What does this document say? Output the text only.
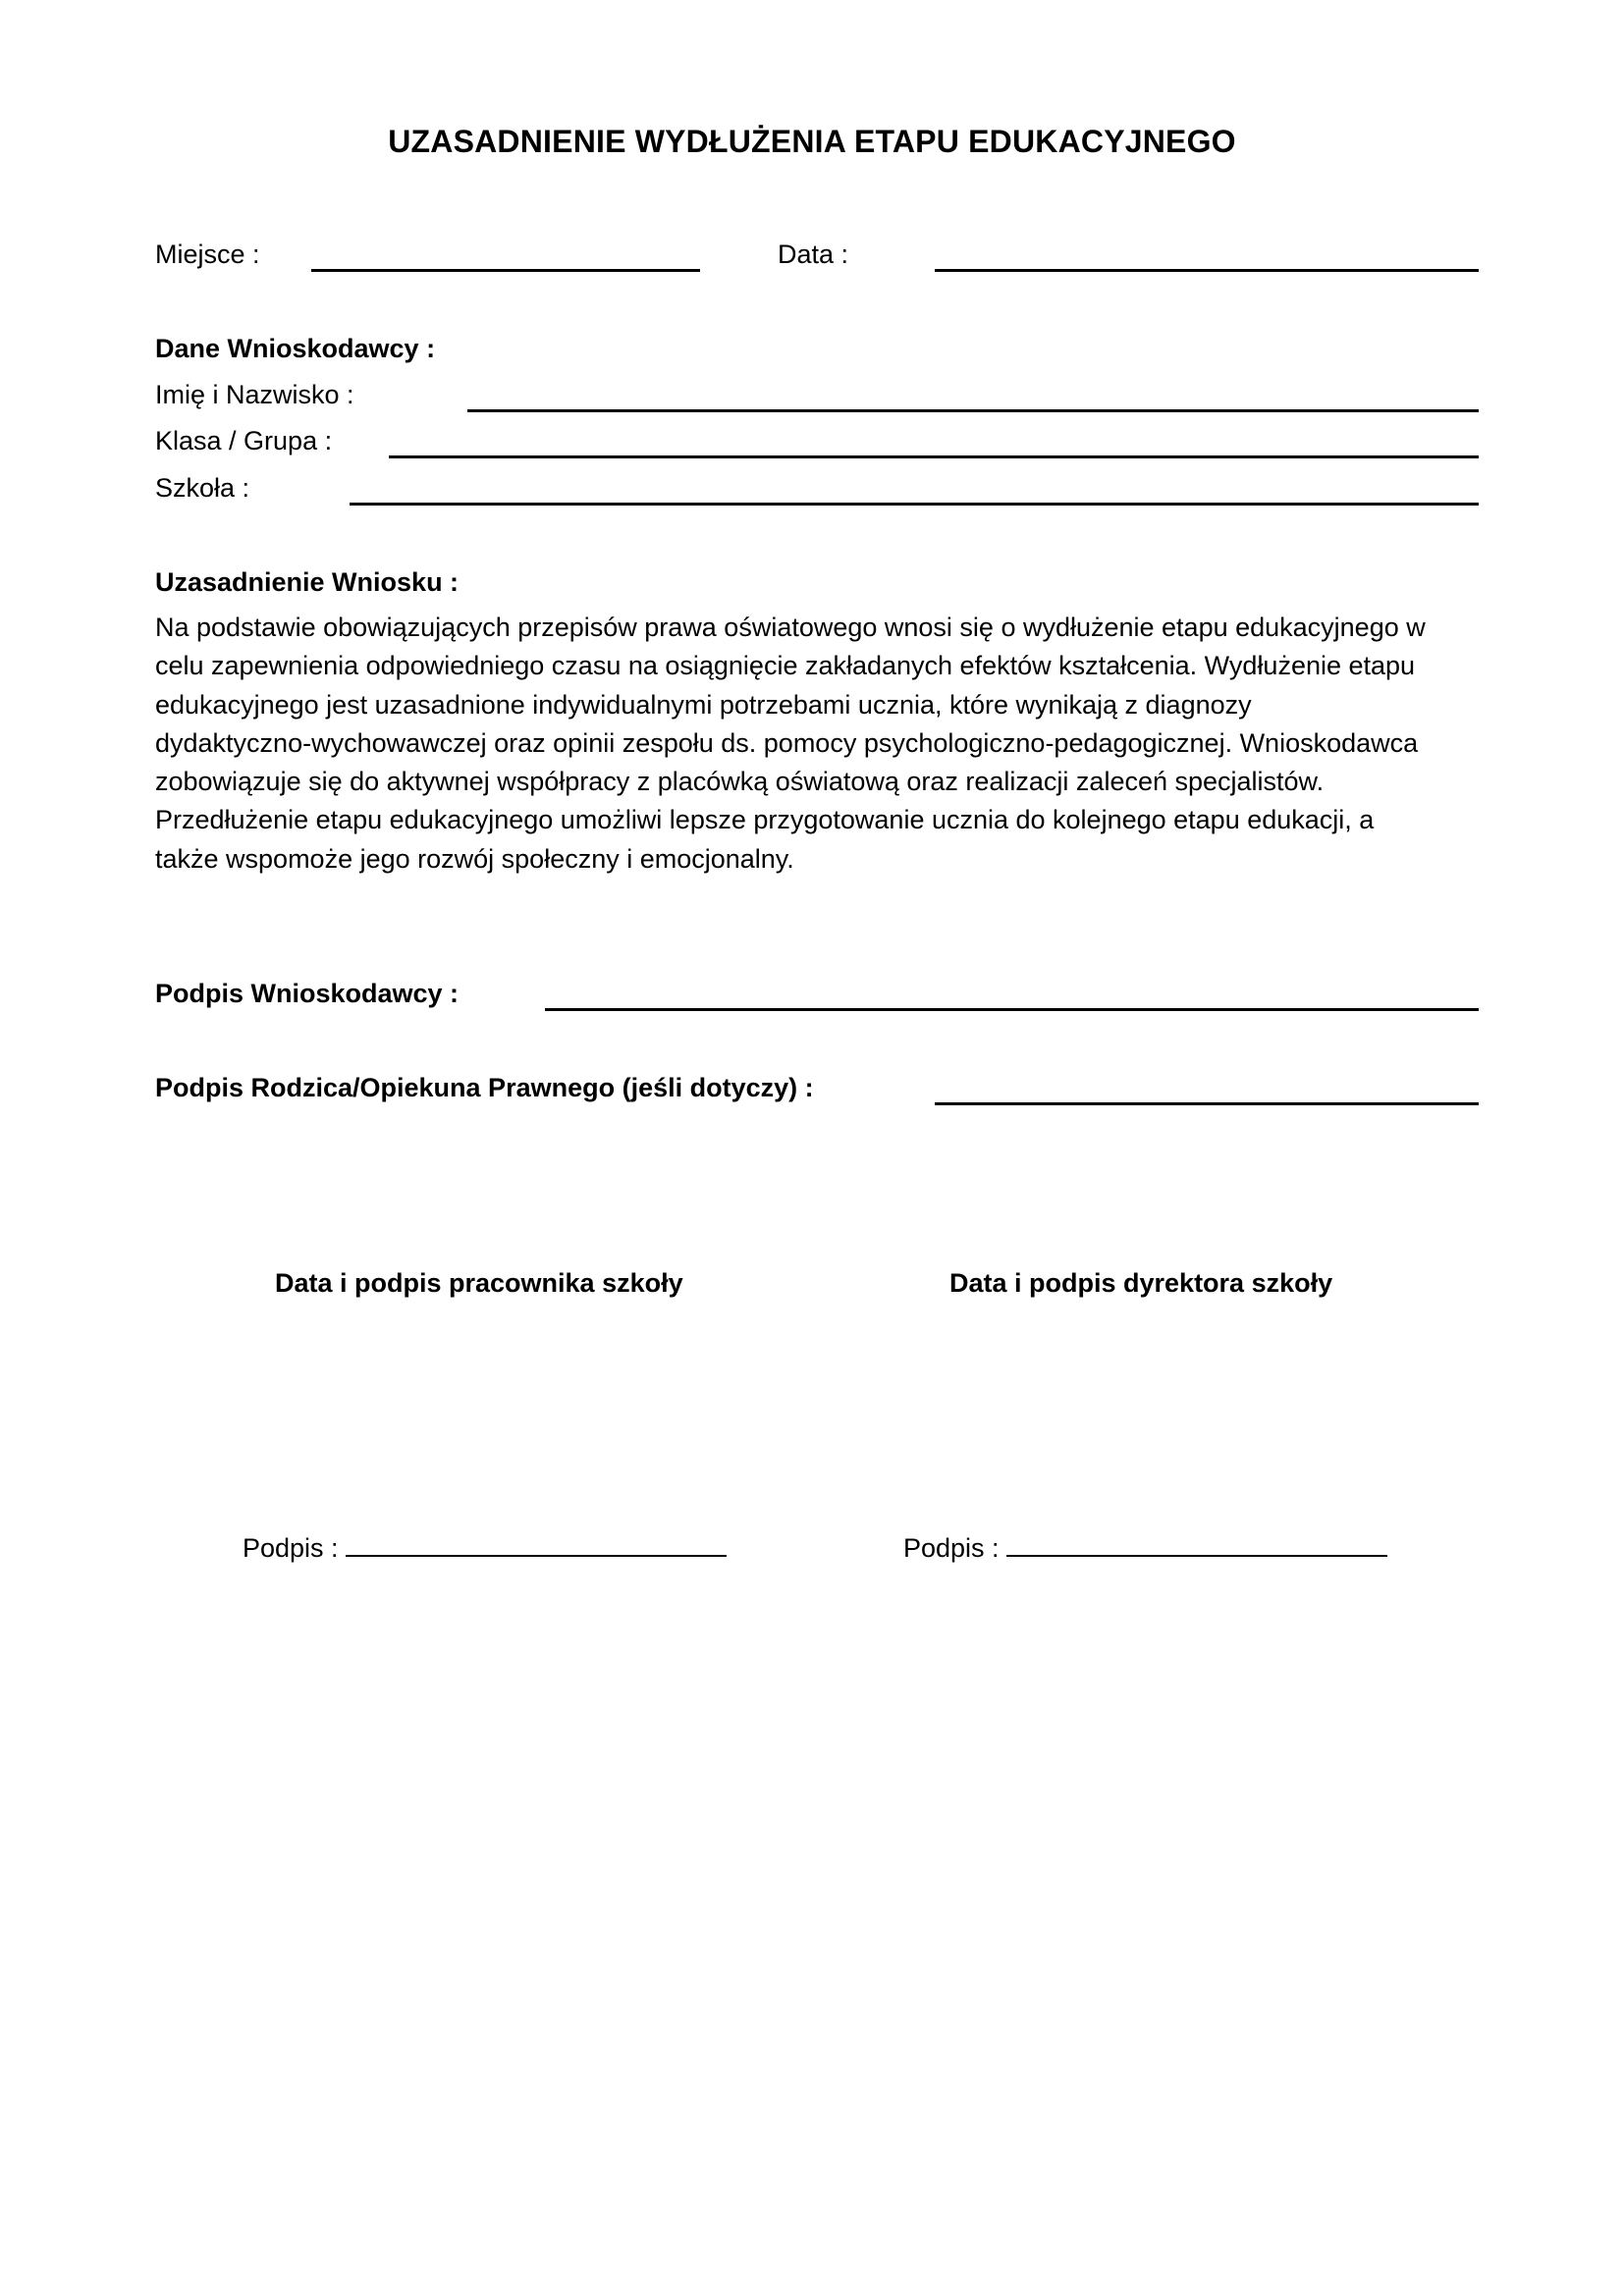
UZASADNIENIE WYDŁUŻENIA ETAPU EDUKACYJNEGO
Miejsce :	Data :
Dane Wnioskodawcy :
Imię i Nazwisko :
Klasa / Grupa :
Szkoła :
Uzasadnienie Wniosku :

Na podstawie obowiązujących przepisów prawa oświatowego wnosi się o wydłużenie etapu edukacyjnego w

celu zapewnienia odpowiedniego czasu na osiągnięcie zakładanych efektów kształcenia. Wydłużenie etapu

edukacyjnego jest uzasadnione indywidualnymi potrzebami ucznia, które wynikają z diagnozy

dydaktyczno-wychowawczej oraz opinii zespołu ds. pomocy psychologiczno-pedagogicznej. Wnioskodawca

zobowiązuje się do aktywnej współpracy z placówką oświatową oraz realizacji zaleceń specjalistów.

Przedłużenie etapu edukacyjnego umożliwi lepsze przygotowanie ucznia do kolejnego etapu edukacji, a

także wspomoże jego rozwój społeczny i emocjonalny.

Podpis Wnioskodawcy :
Podpis Rodzica/Opiekuna Prawnego (jeśli dotyczy) :
Data i podpis pracownika szkoły	Data i podpis dyrektora szkoły
Podpis :	Podpis :
